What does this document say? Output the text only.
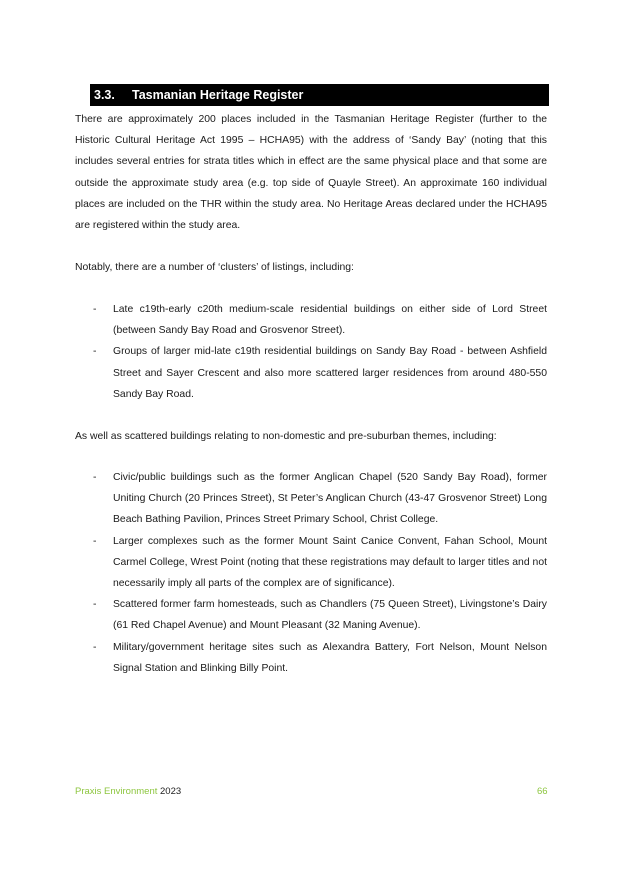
3.3. Tasmanian Heritage Register

There are approximately 200 places included in the Tasmanian Heritage Register (further to the Historic Cultural Heritage Act 1995 – HCHA95) with the address of ‘Sandy Bay’ (noting that this includes several entries for strata titles which in effect are the same physical place and that some are outside the approximate study area (e.g. top side of Quayle Street). An approximate 160 individual places are included on the THR within the study area. No Heritage Areas declared under the HCHA95 are registered within the study area.

Notably, there are a number of ‘clusters’ of listings, including:

- Late c19th-early c20th medium-scale residential buildings on either side of Lord Street (between Sandy Bay Road and Grosvenor Street).
- Groups of larger mid-late c19th residential buildings on Sandy Bay Road - between Ashfield Street and Sayer Crescent and also more scattered larger residences from around 480-550 Sandy Bay Road.

As well as scattered buildings relating to non-domestic and pre-suburban themes, including:

- Civic/public buildings such as the former Anglican Chapel (520 Sandy Bay Road), former Uniting Church (20 Princes Street), St Peter’s Anglican Church (43-47 Grosvenor Street) Long Beach Bathing Pavilion, Princes Street Primary School, Christ College.
- Larger complexes such as the former Mount Saint Canice Convent, Fahan School, Mount Carmel College, Wrest Point (noting that these registrations may default to larger titles and not necessarily imply all parts of the complex are of significance).
- Scattered former farm homesteads, such as Chandlers (75 Queen Street), Livingstone’s Dairy (61 Red Chapel Avenue) and Mount Pleasant (32 Maning Avenue).
- Military/government heritage sites such as Alexandra Battery, Fort Nelson, Mount Nelson Signal Station and Blinking Billy Point.
Praxis Environment 2023	66
